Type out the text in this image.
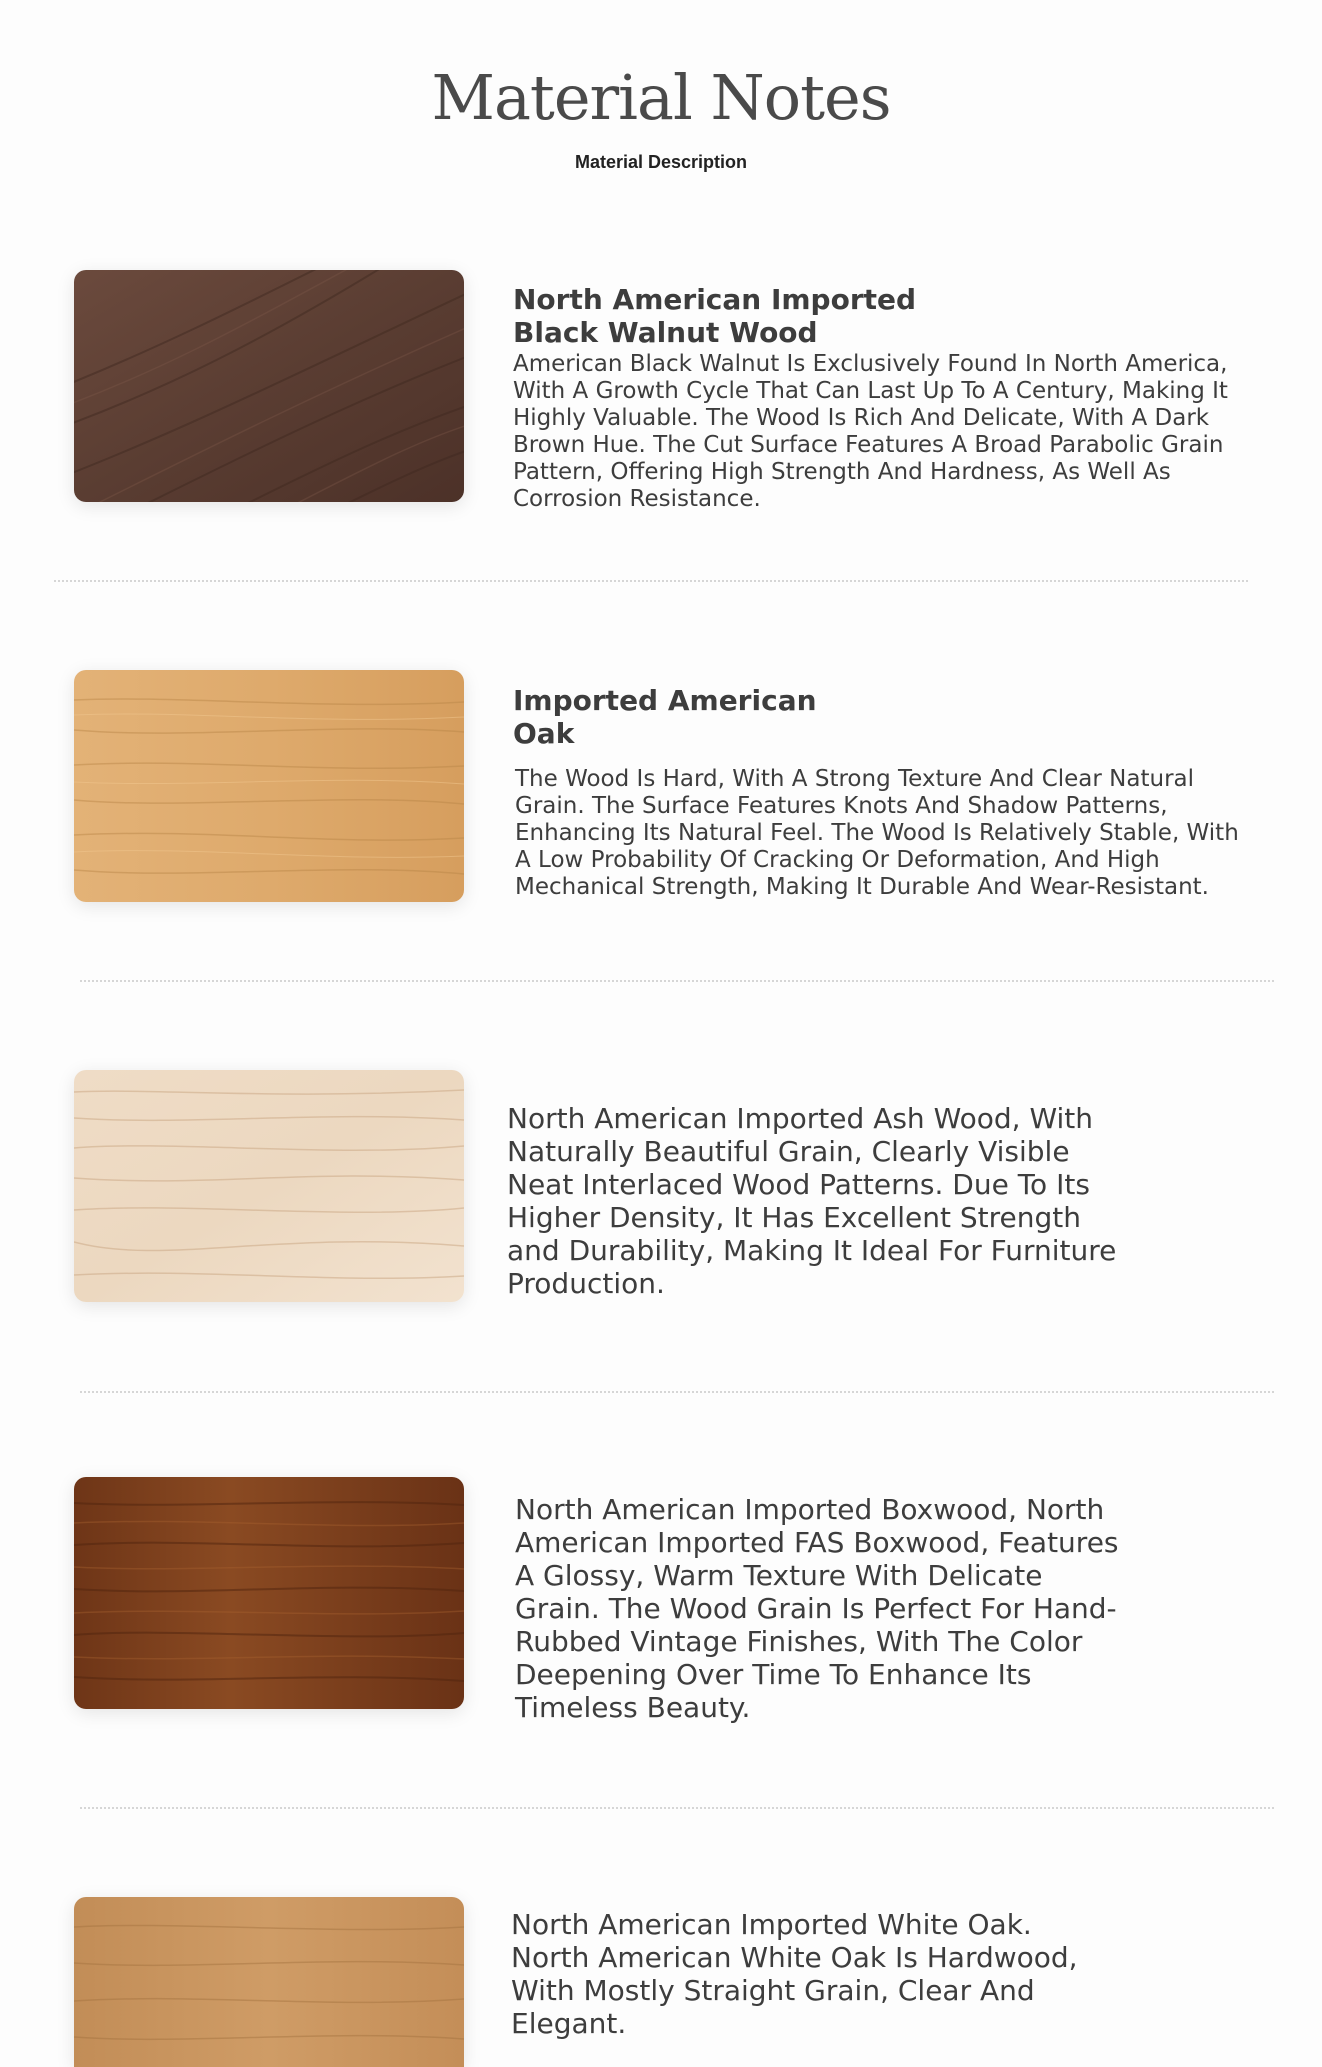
Material Notes
Material Description
North American Imported
Black Walnut Wood

American Black Walnut Is Exclusively Found In North America, With A Growth Cycle That Can Last Up To A Century, Making It Highly Valuable. The Wood Is Rich And Delicate, With A Dark Brown Hue. The Cut Surface Features A Broad Parabolic Grain Pattern, Offering High Strength And Hardness, As Well As Corrosion Resistance.

Imported American
Oak

The Wood Is Hard, With A Strong Texture And Clear Natural Grain. The Surface Features Knots And Shadow Patterns, Enhancing Its Natural Feel. The Wood Is Relatively Stable, With A Low Probability Of Cracking Or Deformation, And High Mechanical Strength, Making It Durable And Wear-Resistant.

North American Imported Ash Wood, With Naturally Beautiful Grain, Clearly Visible Neat Interlaced Wood Patterns. Due To Its Higher Density, It Has Excellent Strength and Durability, Making It Ideal For Furniture Production.

North American Imported Boxwood, North American Imported FAS Boxwood, Features A Glossy, Warm Texture With Delicate Grain. The Wood Grain Is Perfect For Hand-Rubbed Vintage Finishes, With The Color Deepening Over Time To Enhance Its Timeless Beauty.

North American Imported White Oak. North American White Oak Is Hardwood, With Mostly Straight Grain, Clear And Elegant.
